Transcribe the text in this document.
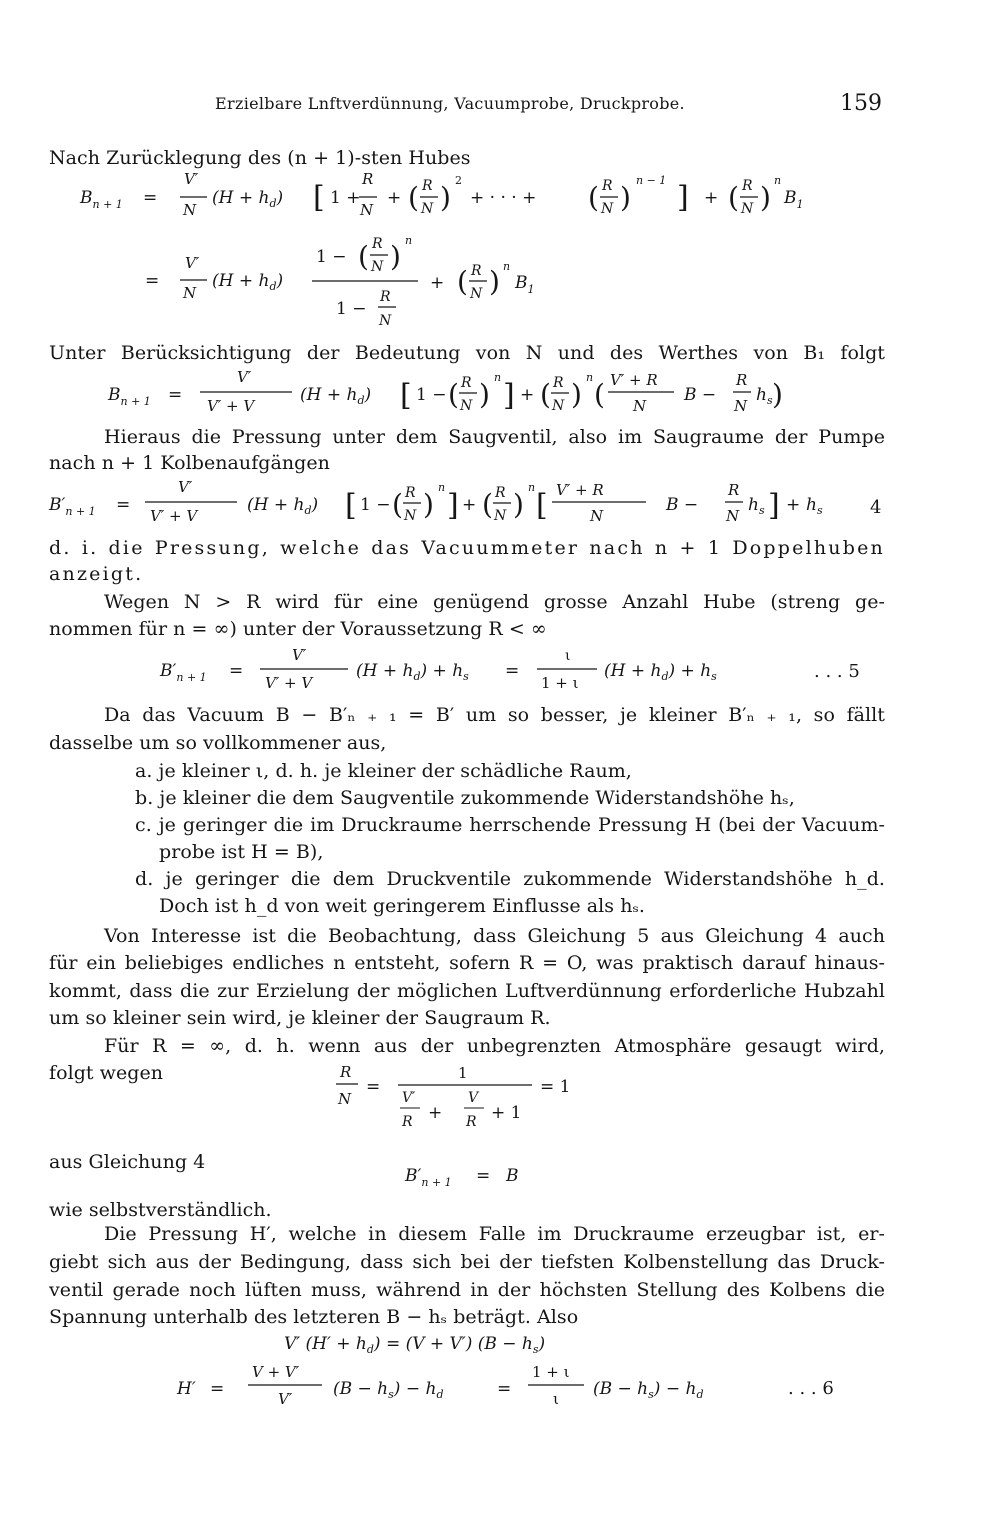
Erzielbare Lnftverdünnung, Vacuumprobe, Druckprobe.	159
Nach Zurücklegung des (n + 1)-sten Hubes
$B_{n + 1}$ =
V′
N
$(H + h_d)$ [ 1 +
R
N
+ ( R
N )
2
+ · · · + ( R
N )
n − 1 ] + ( R
N )
n
$B_1$
=
V′
N
$(H + h_d)$
1 − ( R
N ) n
1 −
R
N
+ ( R
N ) n
$B_1$
Unter Berücksichtigung der Bedeutung von N und des Werthes von B₁ folgt
$B_{n + 1}$ =
V′
V′ + V
$(H + h_d)$ [ 1 − ( R
N )
n
] + ( R
N )
n
( V′ + R
N
B −
R
N
$h_s$ )
Hieraus die Pressung unter dem Saugventil, also im Saugraume der Pumpe
nach n + 1 Kolbenaufgängen
$B'_{n + 1}$ =
V′
V′ + V
$(H + h_d)$ [ 1 − ( R
N )
n
] + ( R
N )
n
[ V′ + R
N
B −
R
N
$h_s$ ] + $h_s$	4
d. i. die Pressung, welche das Vacuummeter nach n + 1 Doppelhuben
anzeigt.
Wegen N > R wird für eine genügend grosse Anzahl Hube (streng ge-
nommen für n = ∞) unter der Voraussetzung R < ∞
$B'_{n + 1}$ =
V′
V′ + V
$(H + h_d) + h_s$ =
ι
1 + ι
$(H + h_d) + h_s$	. . . 5
Da das Vacuum B − B′ₙ ₊ ₁ = B′ um so besser, je kleiner B′ₙ ₊ ₁, so fällt
dasselbe um so vollkommener aus,
a. je kleiner ι, d. h. je kleiner der schädliche Raum,
b. je kleiner die dem Saugventile zukommende Widerstandshöhe hₛ,
c. je geringer die im Druckraume herrschende Pressung H (bei der Vacuum-
probe ist H = B),
d. je geringer die dem Druckventile zukommende Widerstandshöhe h_d.
Doch ist h_d von weit geringerem Einflusse als hₛ.
Von Interesse ist die Beobachtung, dass Gleichung 5 aus Gleichung 4 auch
für ein beliebiges endliches n entsteht, sofern R = O, was praktisch darauf hinaus-
kommt, dass die zur Erzielung der möglichen Luftverdünnung erforderliche Hubzahl
um so kleiner sein wird, je kleiner der Saugraum R.
Für R = ∞, d. h. wenn aus der unbegrenzten Atmosphäre gesaugt wird,
folgt wegen	R
N
=
1
V′
R +
V
R + 1
= 1
aus Gleichung 4
$B'_{n + 1} = B$
wie selbstverständlich.
Die Pressung H′, welche in diesem Falle im Druckraume erzeugbar ist, er-
giebt sich aus der Bedingung, dass sich bei der tiefsten Kolbenstellung das Druck-
ventil gerade noch lüften muss, während in der höchsten Stellung des Kolbens die
Spannung unterhalb des letzteren B − hₛ beträgt. Also
V′ $(H' + h_d) = (V + V')$ $(B - h_s)$
H′ =
V + V′
V′ $(B - h_s) - h_d$	=
1 + ι
ι $(B - h_s) - h_d$	. . . 6
